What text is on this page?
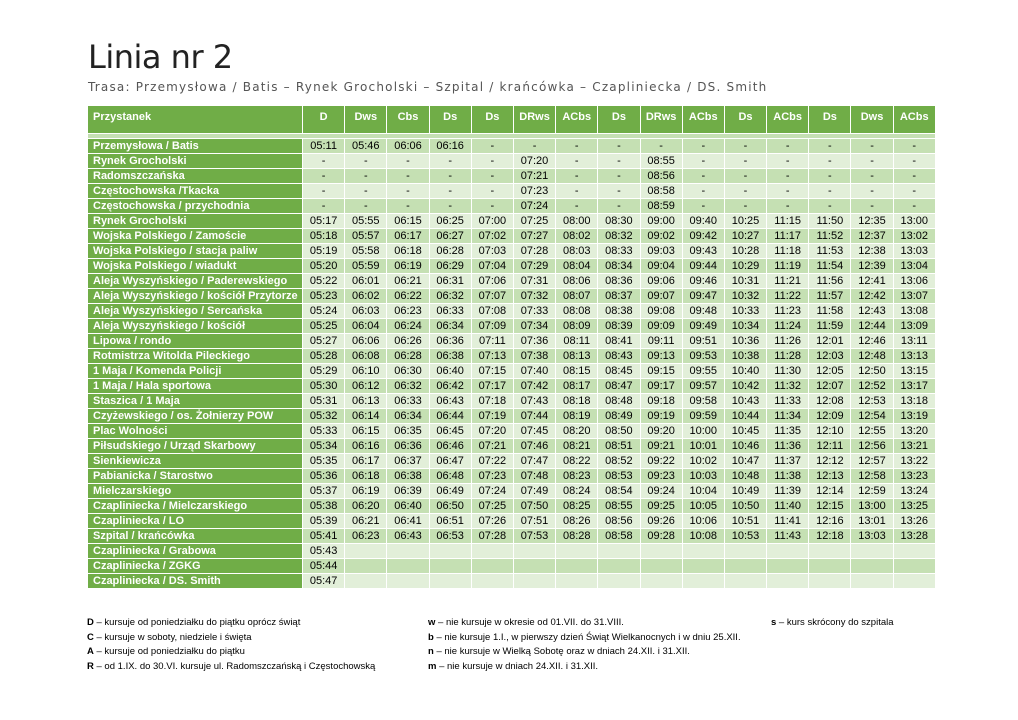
Linia nr 2
Trasa: Przemysłowa / Batis – Rynek Grocholski – Szpital / krańcówka – Czapliniecka / DS. Smith
Przystanek	D	Dws	Cbs	Ds	Ds	DRws	ACbs	Ds	DRws	ACbs	Ds	ACbs	Ds	Dws	ACbs

Przemysłowa / Batis	05:11	05:46	06:06	06:16	-	-	-	-	-	-	-	-	-	-	-
Rynek Grocholski	-	-	-	-	-	07:20	-	-	08:55	-	-	-	-	-	-
Radomszczańska	-	-	-	-	-	07:21	-	-	08:56	-	-	-	-	-	-
Częstochowska /Tkacka	-	-	-	-	-	07:23	-	-	08:58	-	-	-	-	-	-
Częstochowska / przychodnia	-	-	-	-	-	07:24	-	-	08:59	-	-	-	-	-	-
Rynek Grocholski	05:17	05:55	06:15	06:25	07:00	07:25	08:00	08:30	09:00	09:40	10:25	11:15	11:50	12:35	13:00
Wojska Polskiego / Zamoście	05:18	05:57	06:17	06:27	07:02	07:27	08:02	08:32	09:02	09:42	10:27	11:17	11:52	12:37	13:02
Wojska Polskiego / stacja paliw	05:19	05:58	06:18	06:28	07:03	07:28	08:03	08:33	09:03	09:43	10:28	11:18	11:53	12:38	13:03
Wojska Polskiego / wiadukt	05:20	05:59	06:19	06:29	07:04	07:29	08:04	08:34	09:04	09:44	10:29	11:19	11:54	12:39	13:04
Aleja Wyszyńskiego / Paderewskiego	05:22	06:01	06:21	06:31	07:06	07:31	08:06	08:36	09:06	09:46	10:31	11:21	11:56	12:41	13:06
Aleja Wyszyńskiego / kościół Przytorze	05:23	06:02	06:22	06:32	07:07	07:32	08:07	08:37	09:07	09:47	10:32	11:22	11:57	12:42	13:07
Aleja Wyszyńskiego / Sercańska	05:24	06:03	06:23	06:33	07:08	07:33	08:08	08:38	09:08	09:48	10:33	11:23	11:58	12:43	13:08
Aleja Wyszyńskiego / kościół	05:25	06:04	06:24	06:34	07:09	07:34	08:09	08:39	09:09	09:49	10:34	11:24	11:59	12:44	13:09
Lipowa / rondo	05:27	06:06	06:26	06:36	07:11	07:36	08:11	08:41	09:11	09:51	10:36	11:26	12:01	12:46	13:11
Rotmistrza Witolda Pileckiego	05:28	06:08	06:28	06:38	07:13	07:38	08:13	08:43	09:13	09:53	10:38	11:28	12:03	12:48	13:13
1 Maja / Komenda Policji	05:29	06:10	06:30	06:40	07:15	07:40	08:15	08:45	09:15	09:55	10:40	11:30	12:05	12:50	13:15
1 Maja / Hala sportowa	05:30	06:12	06:32	06:42	07:17	07:42	08:17	08:47	09:17	09:57	10:42	11:32	12:07	12:52	13:17
Staszica / 1 Maja	05:31	06:13	06:33	06:43	07:18	07:43	08:18	08:48	09:18	09:58	10:43	11:33	12:08	12:53	13:18
Czyżewskiego / os. Żołnierzy POW	05:32	06:14	06:34	06:44	07:19	07:44	08:19	08:49	09:19	09:59	10:44	11:34	12:09	12:54	13:19
Plac Wolności	05:33	06:15	06:35	06:45	07:20	07:45	08:20	08:50	09:20	10:00	10:45	11:35	12:10	12:55	13:20
Piłsudskiego / Urząd Skarbowy	05:34	06:16	06:36	06:46	07:21	07:46	08:21	08:51	09:21	10:01	10:46	11:36	12:11	12:56	13:21
Sienkiewicza	05:35	06:17	06:37	06:47	07:22	07:47	08:22	08:52	09:22	10:02	10:47	11:37	12:12	12:57	13:22
Pabianicka / Starostwo	05:36	06:18	06:38	06:48	07:23	07:48	08:23	08:53	09:23	10:03	10:48	11:38	12:13	12:58	13:23
Mielczarskiego	05:37	06:19	06:39	06:49	07:24	07:49	08:24	08:54	09:24	10:04	10:49	11:39	12:14	12:59	13:24
Czapliniecka / Mielczarskiego	05:38	06:20	06:40	06:50	07:25	07:50	08:25	08:55	09:25	10:05	10:50	11:40	12:15	13:00	13:25
Czapliniecka / LO	05:39	06:21	06:41	06:51	07:26	07:51	08:26	08:56	09:26	10:06	10:51	11:41	12:16	13:01	13:26
Szpital / krańcówka	05:41	06:23	06:43	06:53	07:28	07:53	08:28	08:58	09:28	10:08	10:53	11:43	12:18	13:03	13:28
Czapliniecka / Grabowa	05:43														
Czapliniecka / ZGKG	05:44														
Czapliniecka / DS. Smith	05:47														
D – kursuje od poniedziałku do piątku oprócz świąt
C – kursuje w soboty, niedziele i święta
A – kursuje od poniedziałku do piątku
R – od 1.IX. do 30.VI. kursuje ul. Radomszczańską i Częstochowską
w – nie kursuje w okresie od 01.VII. do 31.VIII.
b – nie kursuje 1.I., w pierwszy dzień Świąt Wielkanocnych i w dniu 25.XII.
n – nie kursuje w Wielką Sobotę oraz w dniach 24.XII. i 31.XII.
m – nie kursuje w dniach 24.XII. i 31.XII.
s – kurs skrócony do szpitala
